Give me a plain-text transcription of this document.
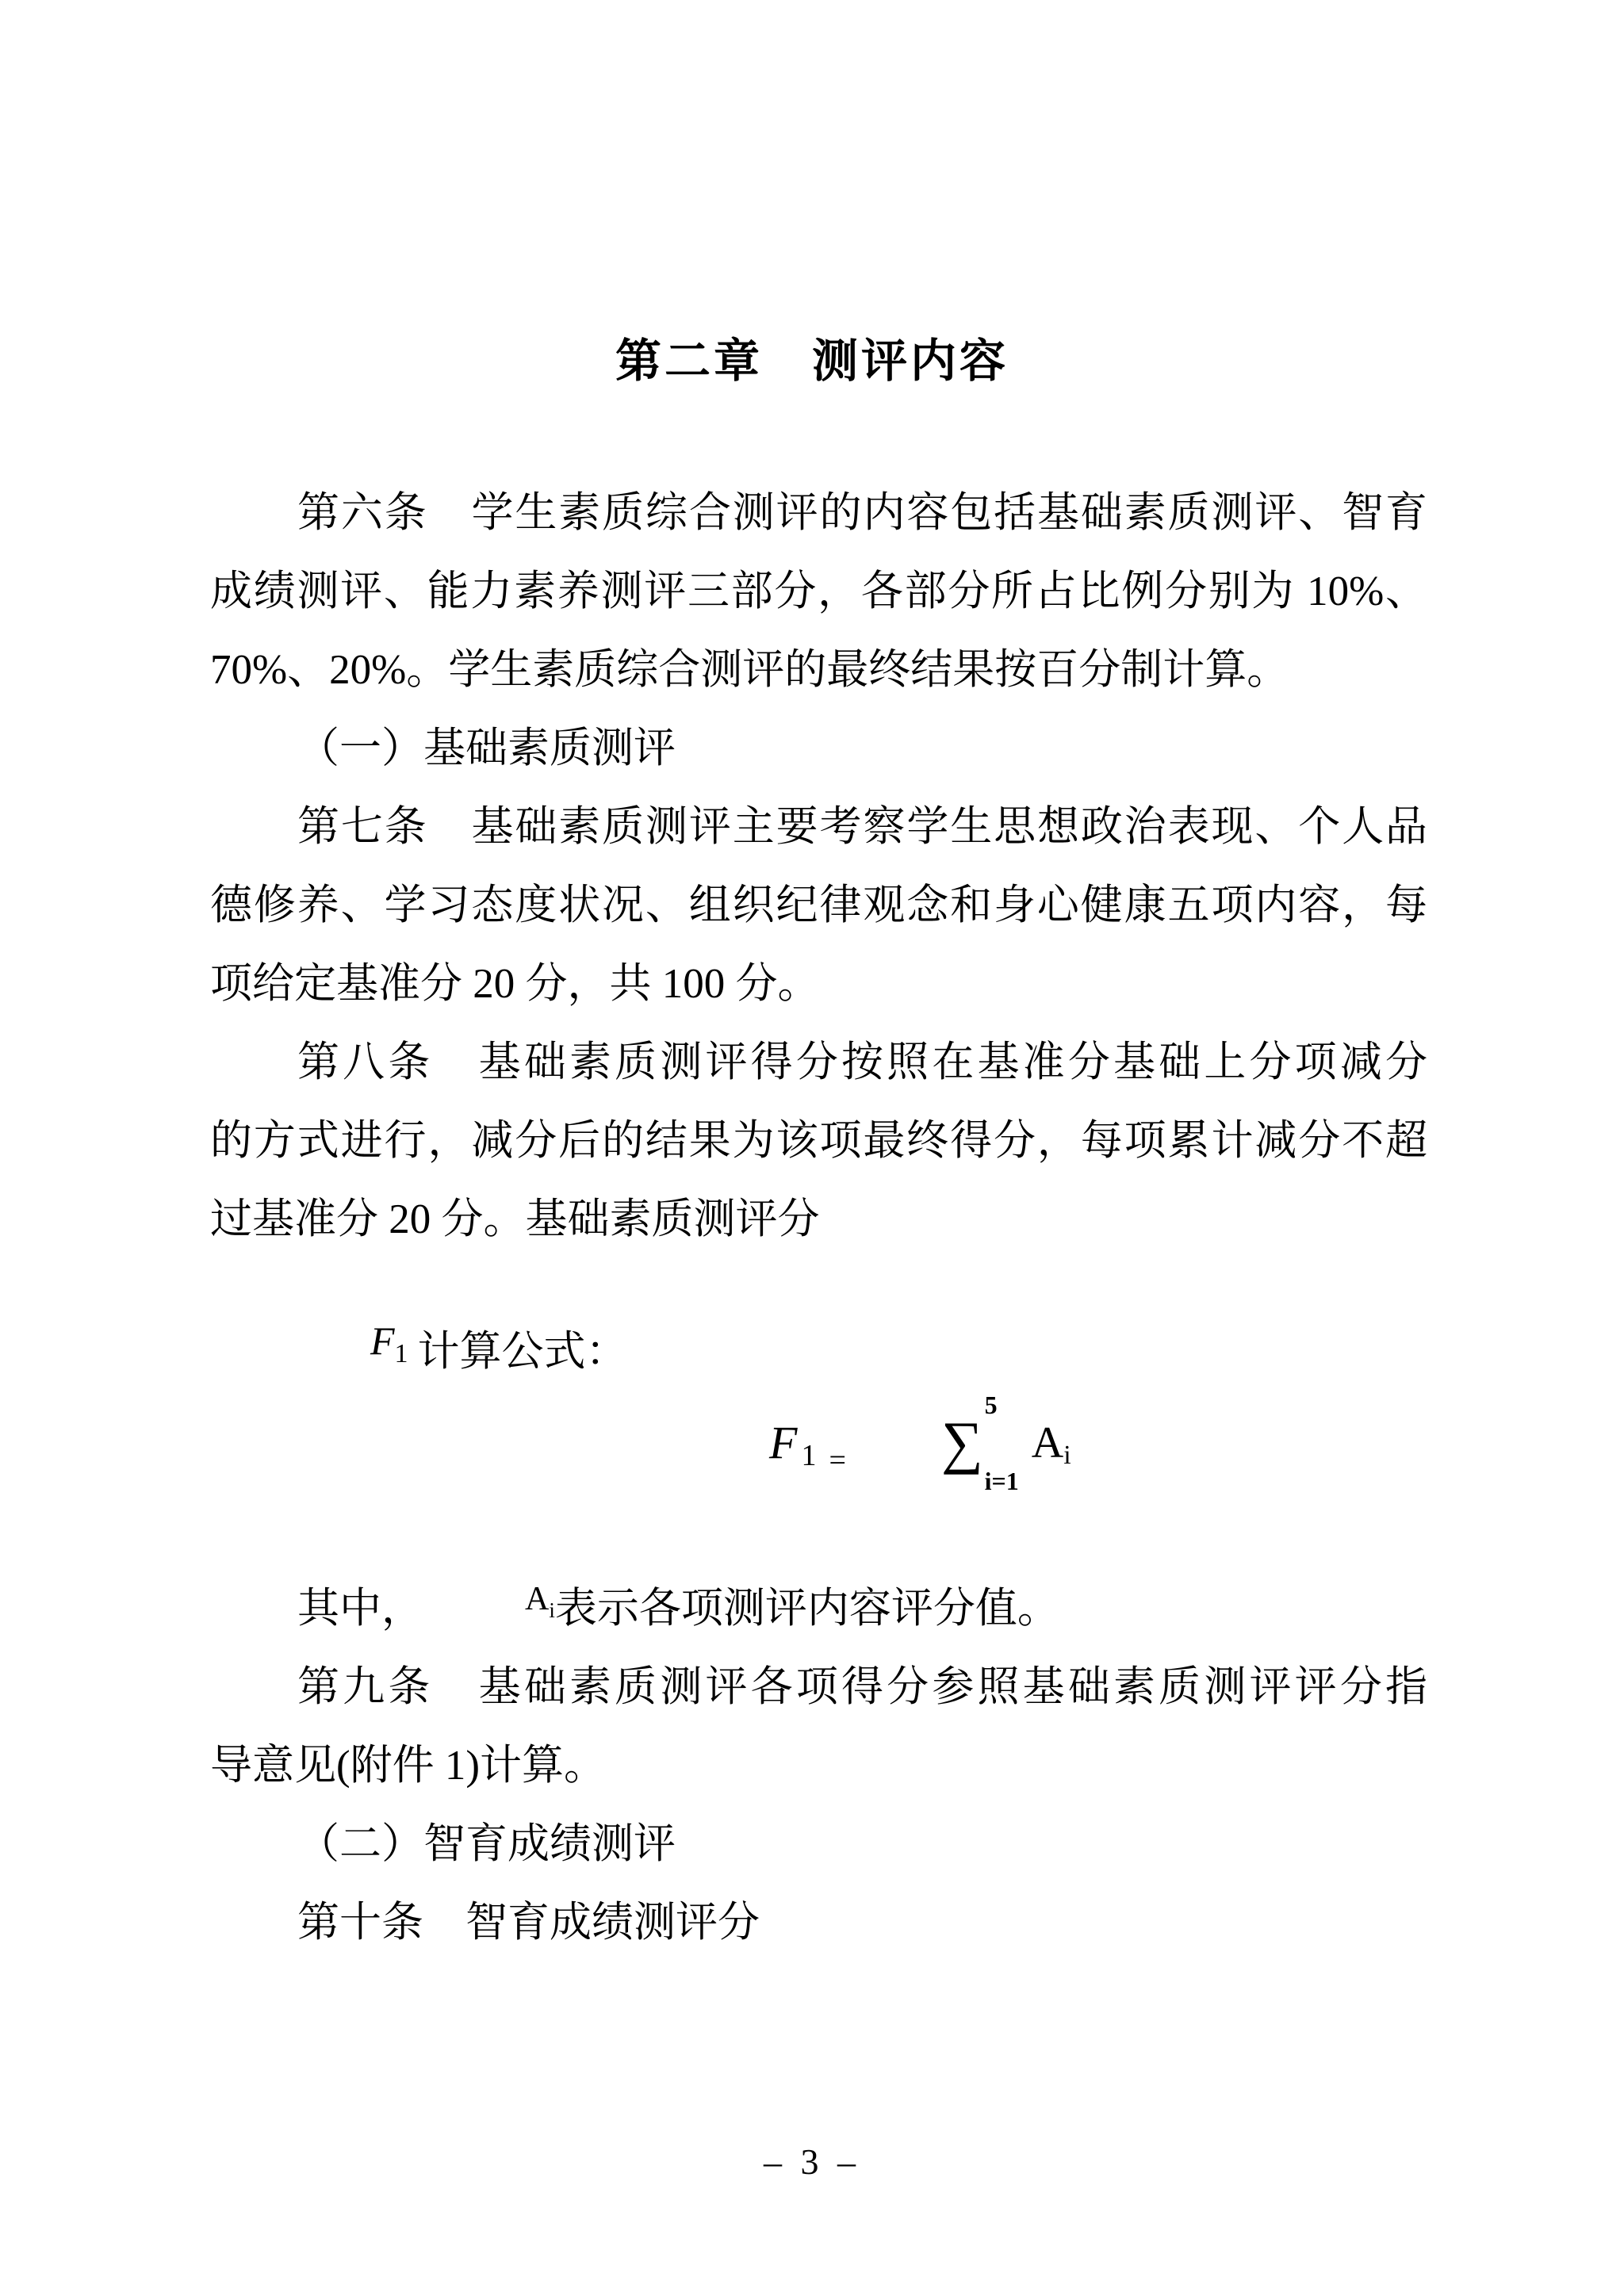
第二章　测评内容
第六条　学生素质综合测评的内容包括基础素质测评、智育
成绩测评、能力素养测评三部分，各部分所占比例分别为 10%、
70%、20%。学生素质综合测评的最终结果按百分制计算。
（一）基础素质测评
第七条　基础素质测评主要考察学生思想政治表现、个人品
德修养、学习态度状况、组织纪律观念和身心健康五项内容，每
项给定基准分 20 分，共 100 分。
第八条　基础素质测评得分按照在基准分基础上分项减分
的方式进行，减分后的结果为该项最终得分，每项累计减分不超
过基准分 20 分。基础素质测评分
F1 计算公式：
F 1 = ∑
5
i=1
A i
其中，	$^A$i表示各项测评内容评分值。
第九条　基础素质测评各项得分参照基础素质测评评分指
导意见(附件 1)计算。
（二）智育成绩测评
第十条　智育成绩测评分
– 3 –
